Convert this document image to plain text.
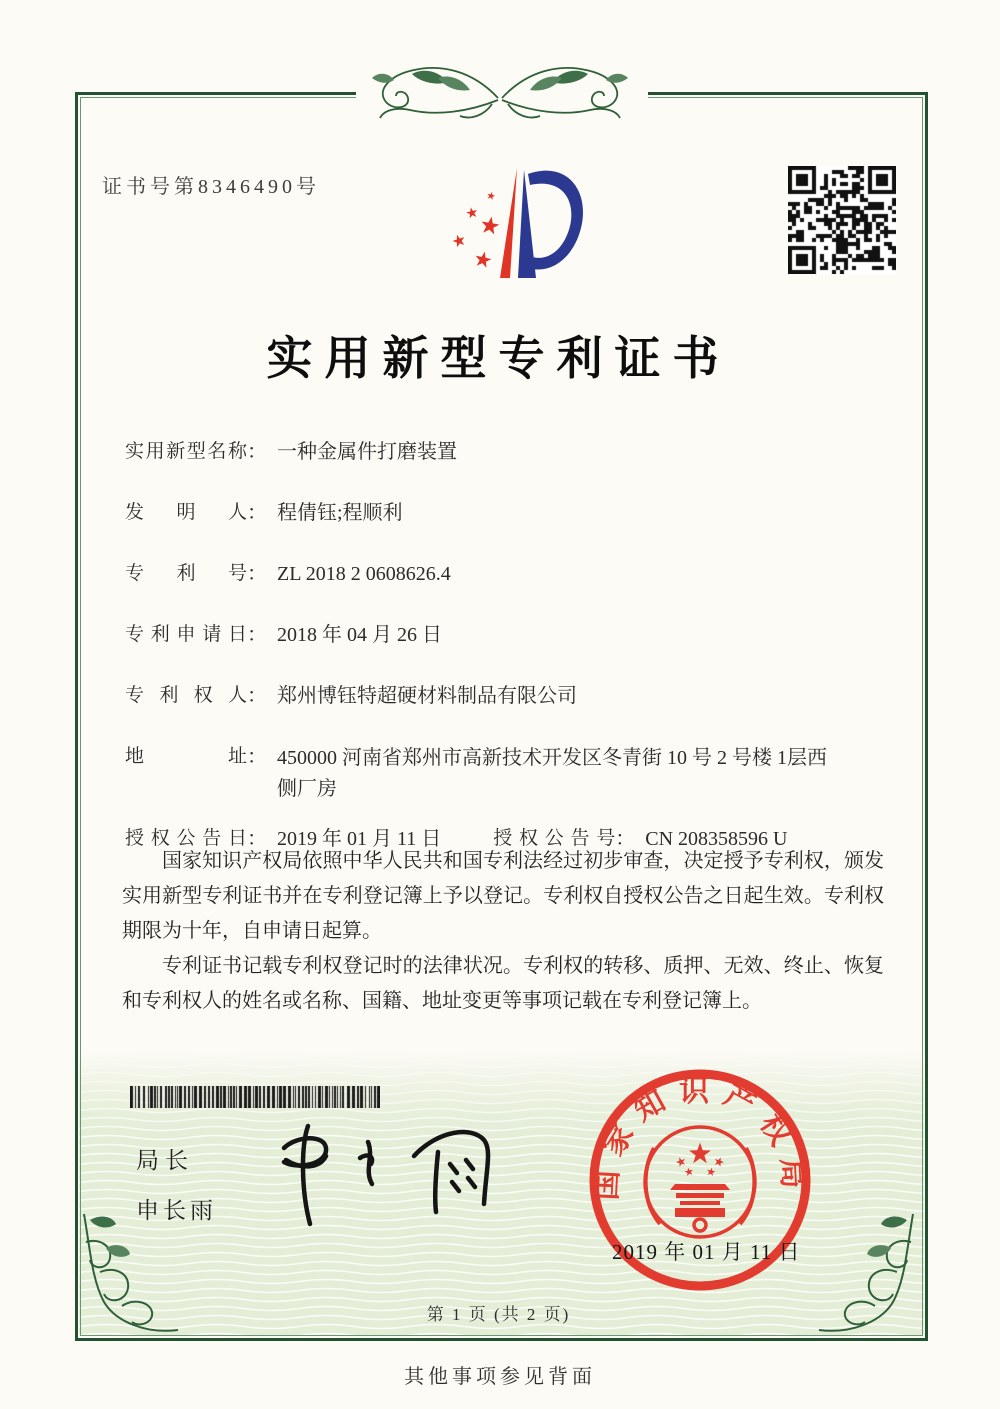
证书号第8346490号
实用新型专利证书
实用新型名称： 一种金属件打磨装置
发明人： 程倩钰;程顺利
专利号： ZL 2018 2 0608626.4
专利申请日： 2018 年 04 月 26 日
专利权人： 郑州博钰特超硬材料制品有限公司
地址： 450000 河南省郑州市高新技术开发区冬青街 10 号 2 号楼 1层西侧厂房
授权公告日： 2019 年 01 月 11 日	授权公告号： CN 208358596 U

国家知识产权局依照中华人民共和国专利法经过初步审查，决定授予专利权，颁发实用新型专利证书并在专利登记簿上予以登记。专利权自授权公告之日起生效。专利权期限为十年，自申请日起算。

专利证书记载专利权登记时的法律状况。专利权的转移、质押、无效、终止、恢复和专利权人的姓名或名称、国籍、地址变更等事项记载在专利登记簿上。

局长
申长雨
国家知识产权局
2019 年 01 月 11 日
第 1 页 (共 2 页)
其他事项参见背面
